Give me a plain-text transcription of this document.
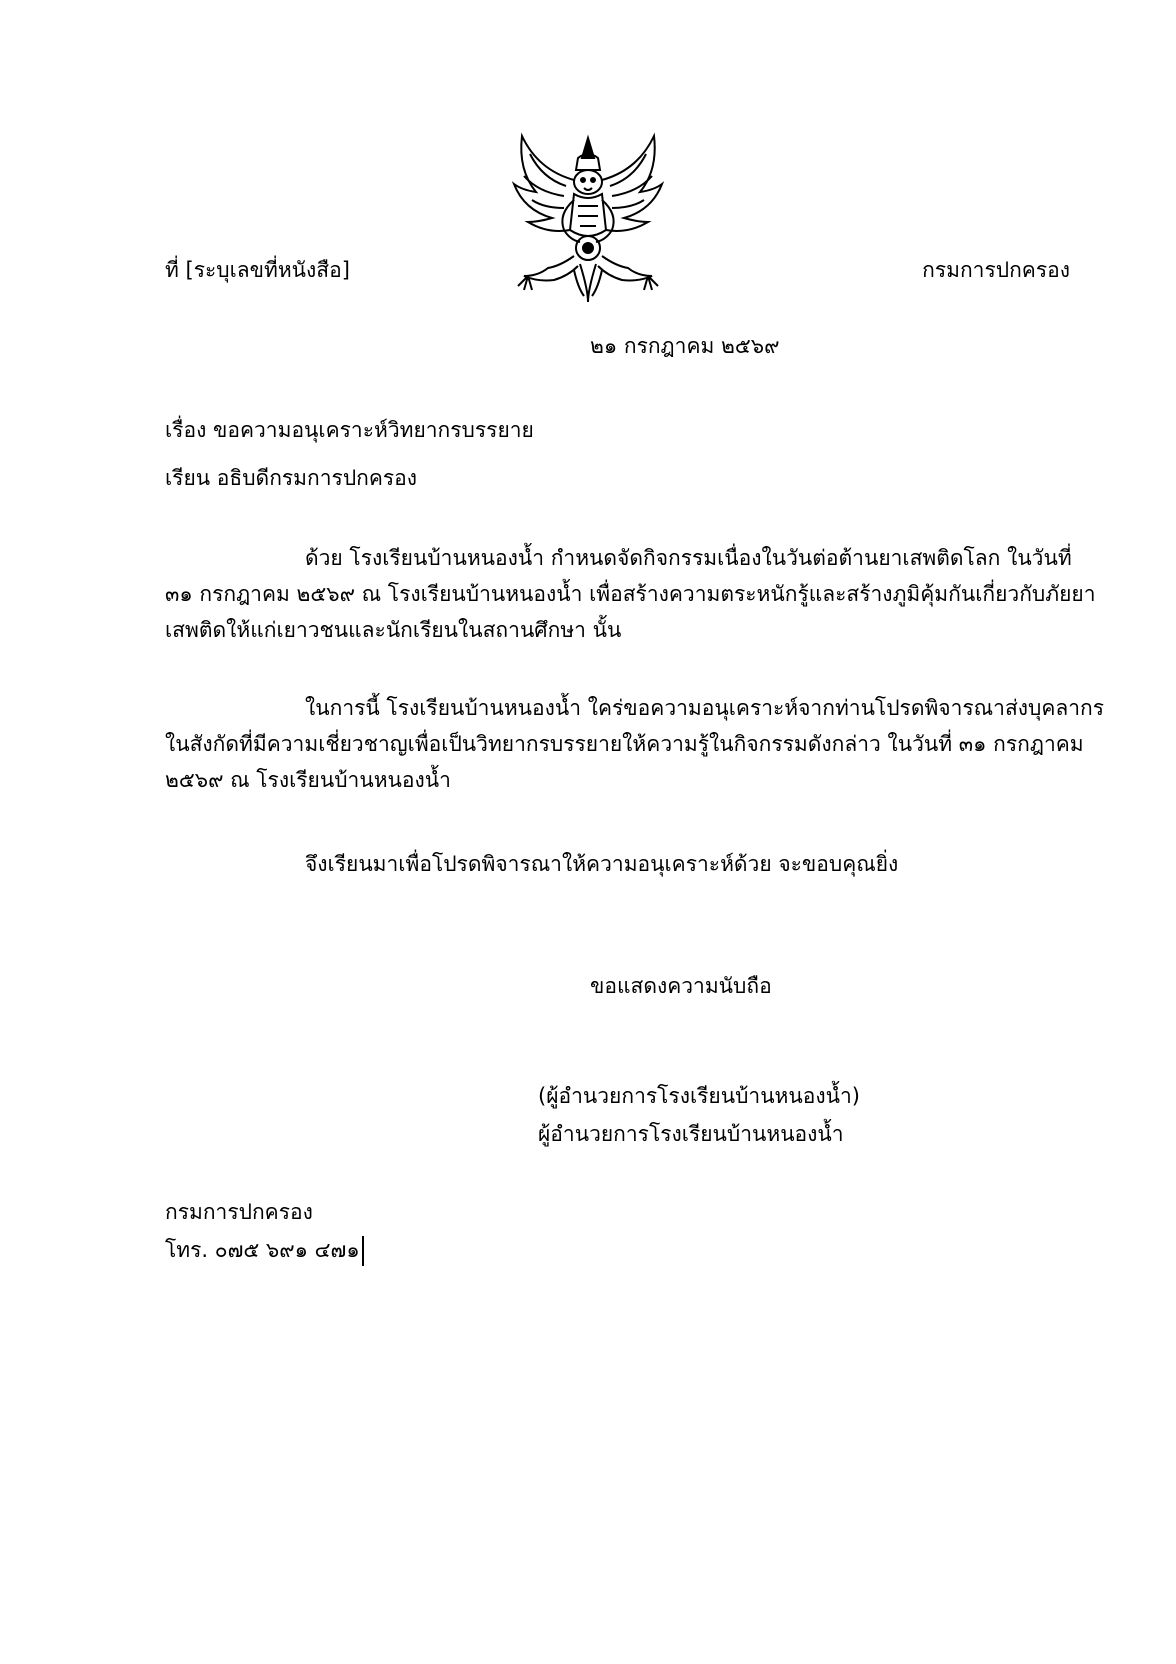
ที่ [ระบุเลขที่หนังสือ]	กรมการปกครอง
๒๑ กรกฎาคม ๒๕๖๙
เรื่อง ขอความอนุเคราะห์วิทยากรบรรยาย
เรียน อธิบดีกรมการปกครอง

ด้วย โรงเรียนบ้านหนองน้ำ กำหนดจัดกิจกรรมเนื่องในวันต่อต้านยาเสพติดโลก ในวันที่
๓๑ กรกฎาคม ๒๕๖๙ ณ โรงเรียนบ้านหนองน้ำ เพื่อสร้างความตระหนักรู้และสร้างภูมิคุ้มกันเกี่ยวกับภัยยา
เสพติดให้แก่เยาวชนและนักเรียนในสถานศึกษา นั้น

ในการนี้ โรงเรียนบ้านหนองน้ำ ใคร่ขอความอนุเคราะห์จากท่านโปรดพิจารณาส่งบุคลากร
ในสังกัดที่มีความเชี่ยวชาญเพื่อเป็นวิทยากรบรรยายให้ความรู้ในกิจกรรมดังกล่าว ในวันที่ ๓๑ กรกฎาคม
๒๕๖๙ ณ โรงเรียนบ้านหนองน้ำ

จึงเรียนมาเพื่อโปรดพิจารณาให้ความอนุเคราะห์ด้วย จะขอบคุณยิ่ง
ขอแสดงความนับถือ
(ผู้อำนวยการโรงเรียนบ้านหนองน้ำ)
ผู้อำนวยการโรงเรียนบ้านหนองน้ำ
กรมการปกครอง
โทร. ๐๗๕ ๖๙๑ ๔๗๑
